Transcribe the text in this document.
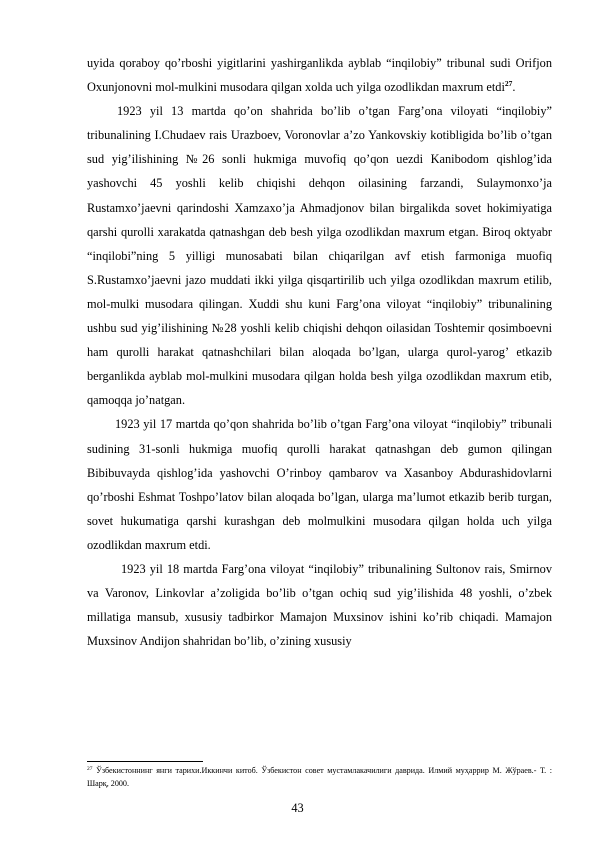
uyida qoraboy qo’rboshi yigitlarini yashirganlikda ayblab “inqilobiy” tribunal sudi Orifjon Oxunjonovni mol-mulkini musodara qilgan xolda uch yilga ozodlikdan maxrum etdi$^{27}$.

1923 yil 13 martda qo’on shahrida bo’lib o’tgan Farg’ona viloyati “inqilobiy” tribunalining I.Chudaev rais Urazboev, Voronovlar a’zo Yankovskiy kotibligida bo’lib o’tgan sud yig’ilishining №26 sonli hukmiga muvofiq qo’qon uezdi Kanibodom qishlog’ida yashovchi 45 yoshli kelib chiqishi dehqon oilasining farzandi, Sulaymonxo’ja Rustamxo’jaevni qarindoshi Xamzaxo’ja Ahmadjonov bilan birgalikda sovet hokimiyatiga qarshi qurolli xarakatda qatnashgan deb besh yilga ozodlikdan maxrum etgan. Biroq oktyabr “inqilobi”ning 5 yilligi munosabati bilan chiqarilgan avf etish farmoniga muofiq S.Rustamxo’jaevni jazo muddati ikki yilga qisqartirilib uch yilga ozodlikdan maxrum etilib, mol-mulki musodara qilingan. Xuddi shu kuni Farg’ona viloyat “inqilobiy” tribunalining ushbu sud yig’ilishining №28 yoshli kelib chiqishi dehqon oilasidan Toshtemir qosimboevni ham qurolli harakat qatnashchilari bilan aloqada bo’lgan, ularga qurol-yarog’ etkazib berganlikda ayblab mol-mulkini musodara qilgan holda besh yilga ozodlikdan maxrum etib, qamoqqa jo’natgan.

1923 yil 17 martda qo’qon shahrida bo’lib o’tgan Farg’ona viloyat “inqilobiy” tribunali sudining 31-sonli hukmiga muofiq qurolli harakat qatnashgan deb gumon qilingan Bibibuvayda qishlog’ida yashovchi O’rinboy qambarov va Xasanboy Abdurashidovlarni qo’rboshi Eshmat Toshpo’latov bilan aloqada bo’lgan, ularga ma’lumot etkazib berib turgan, sovet hukumatiga qarshi kurashgan deb molmulkini musodara qilgan holda uch yilga ozodlikdan maxrum etdi.

1923 yil 18 martda Farg’ona viloyat “inqilobiy” tribunalining Sultonov rais, Smirnov va Varonov, Linkovlar a’zoligida bo’lib o’tgan ochiq sud yig’ilishida 48 yoshli, o’zbek millatiga mansub, xususiy tadbirkor Mamajon Muxsinov ishini ko’rib chiqadi. Mamajon Muxsinov Andijon shahridan bo’lib, o’zining xususiy

$^{27}$ Ўзбекистоннинг янги тарихи.Иккинчи китоб. Ўзбекистон совет мустамлакачилиги даврида. Илмий муҳаррир М. Жўраев.- Т. : Шарқ, 2000.
43
